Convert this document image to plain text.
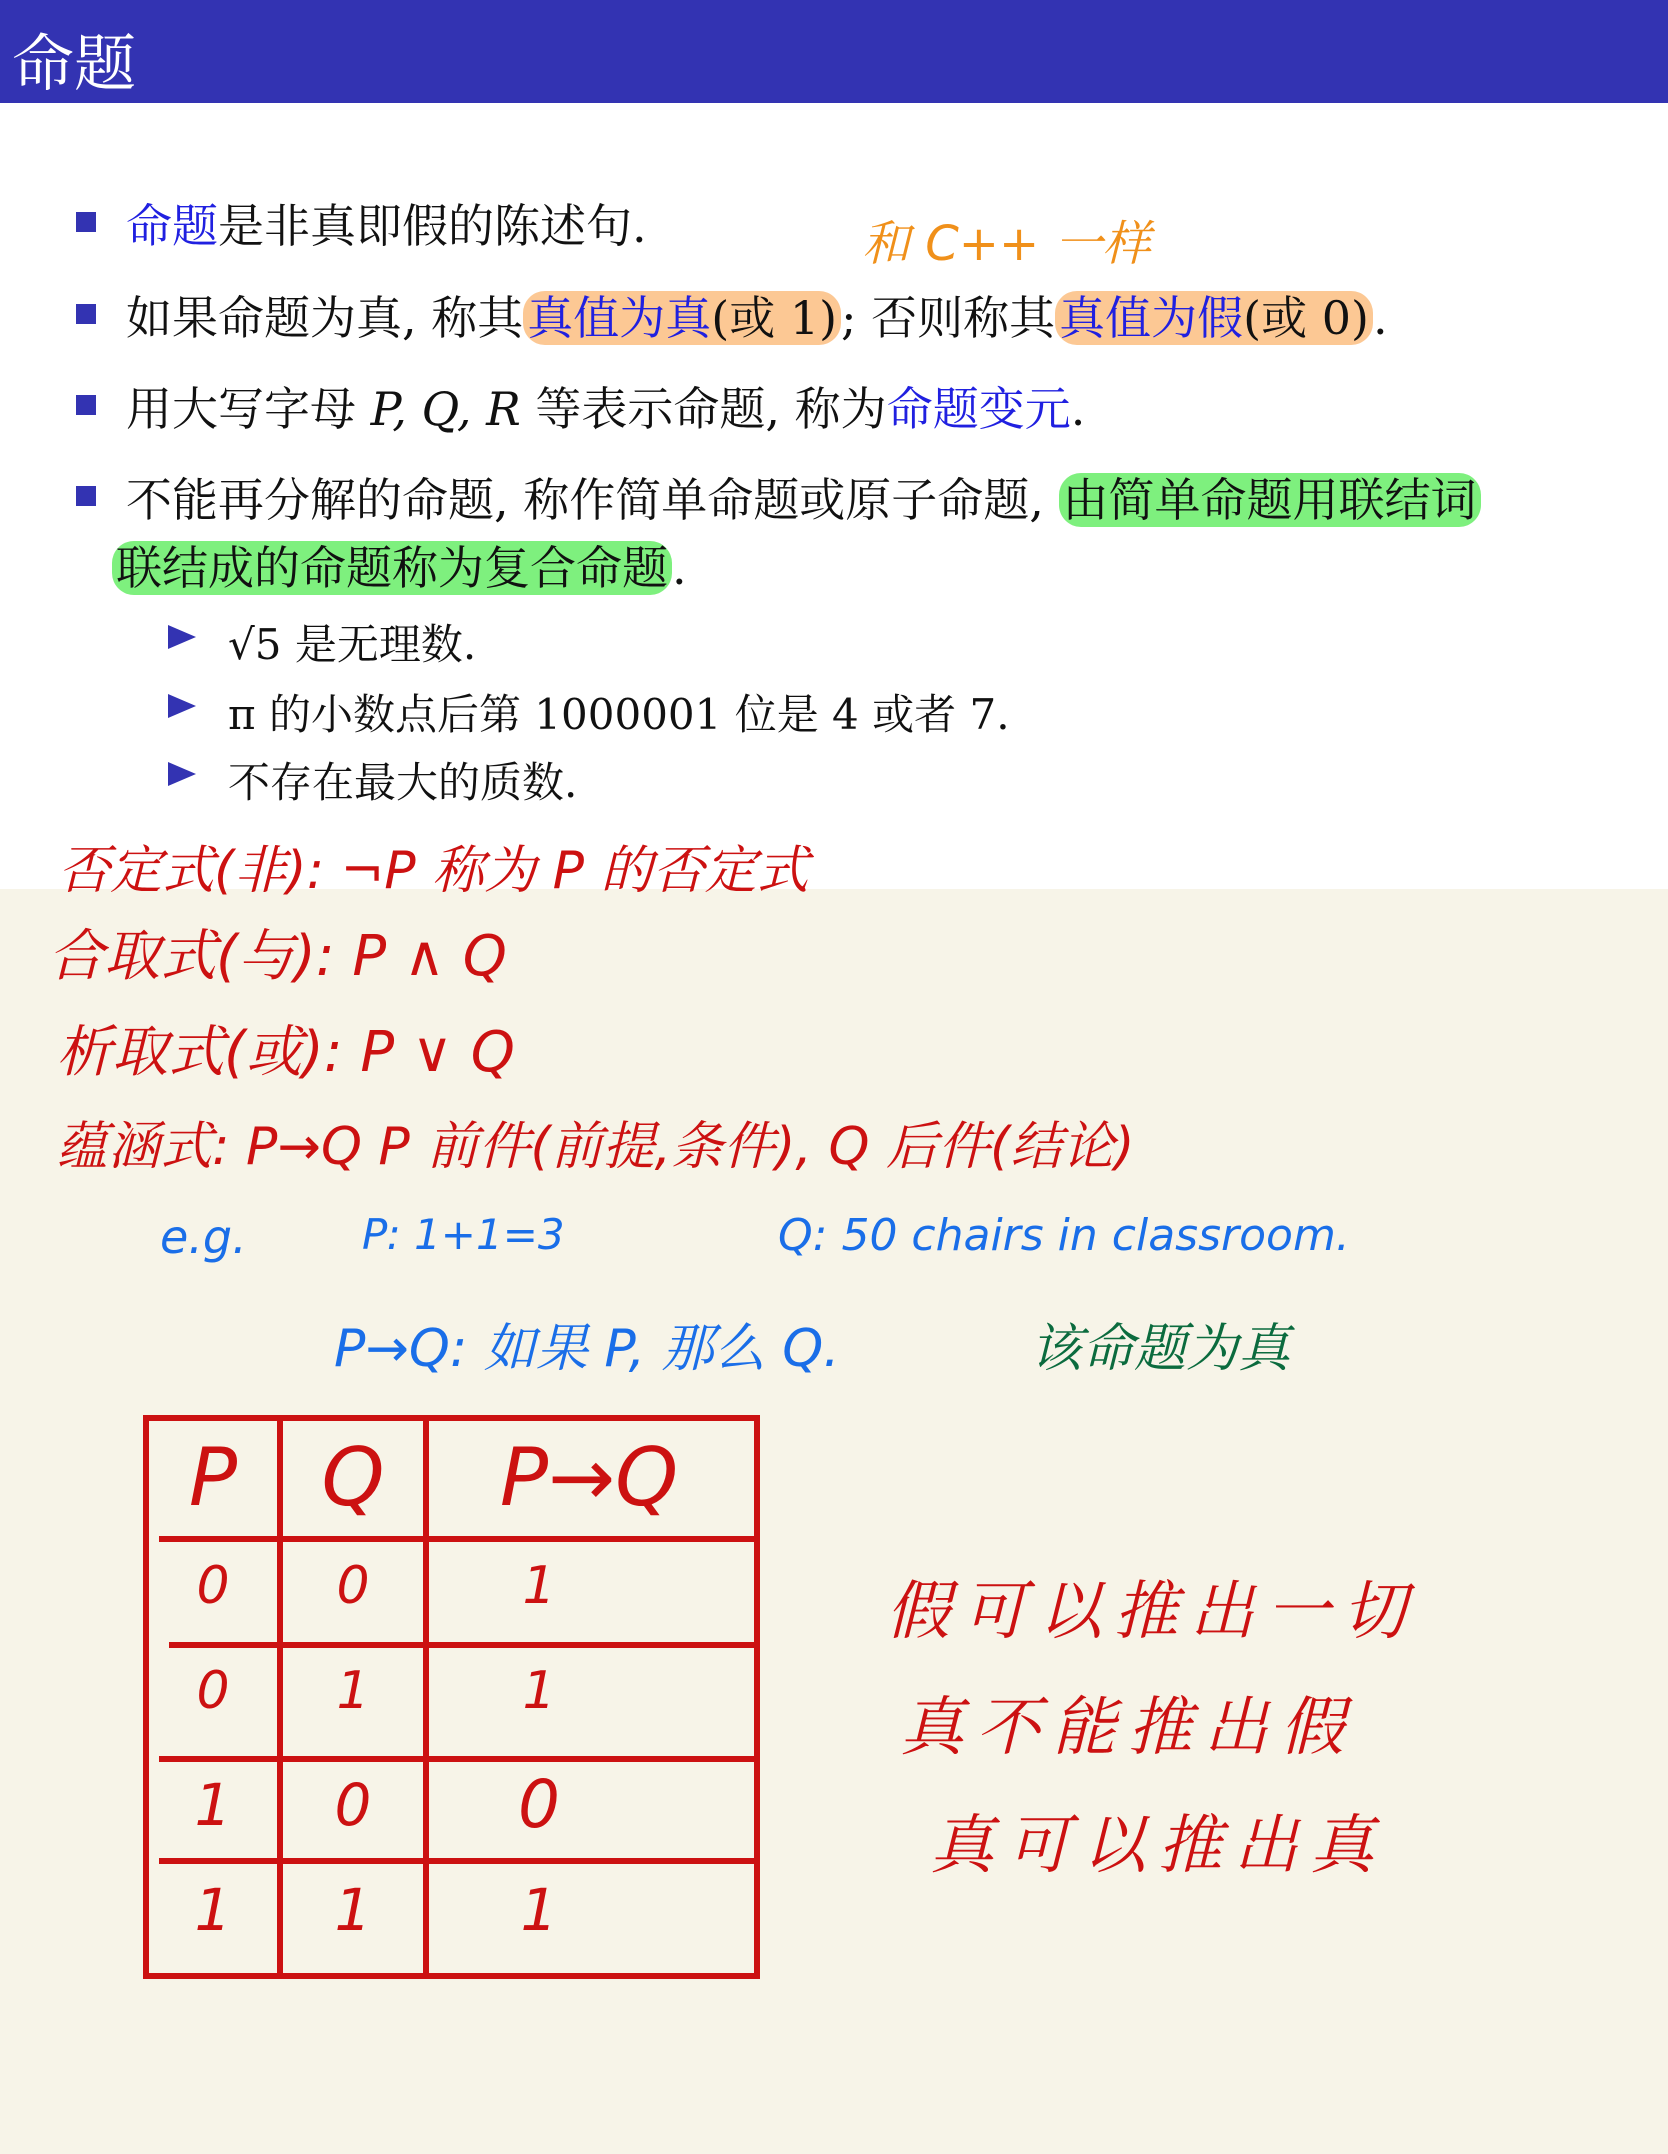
命题
命题是非真即假的陈述句.
如果命题为真, 称其真值为真(或 1); 否则称其真值为假(或 0).
用大写字母 P, Q, R 等表示命题, 称为命题变元.
不能再分解的命题, 称作简单命题或原子命题, 由简单命题用联结词
联结成的命题称为复合命题.
√5 是无理数.
π 的小数点后第 1000001 位是 4 或者 7.
不存在最大的质数.
和 C++ 一样
否定式(非): ¬P 称为 P 的否定式
合取式(与): P ∧ Q
析取式(或): P ∨ Q
蕴涵式: P→Q P 前件(前提,条件), Q 后件(结论)
e.g.	P: 1+1=3	Q: 50 chairs in classroom.
P→Q: 如果 P, 那么 Q.	该命题为真
P	Q	P→Q
0	0	1
0	1	1
1	0	0
1	1	1
假可以推出一切
真不能推出假
真可以推出真
